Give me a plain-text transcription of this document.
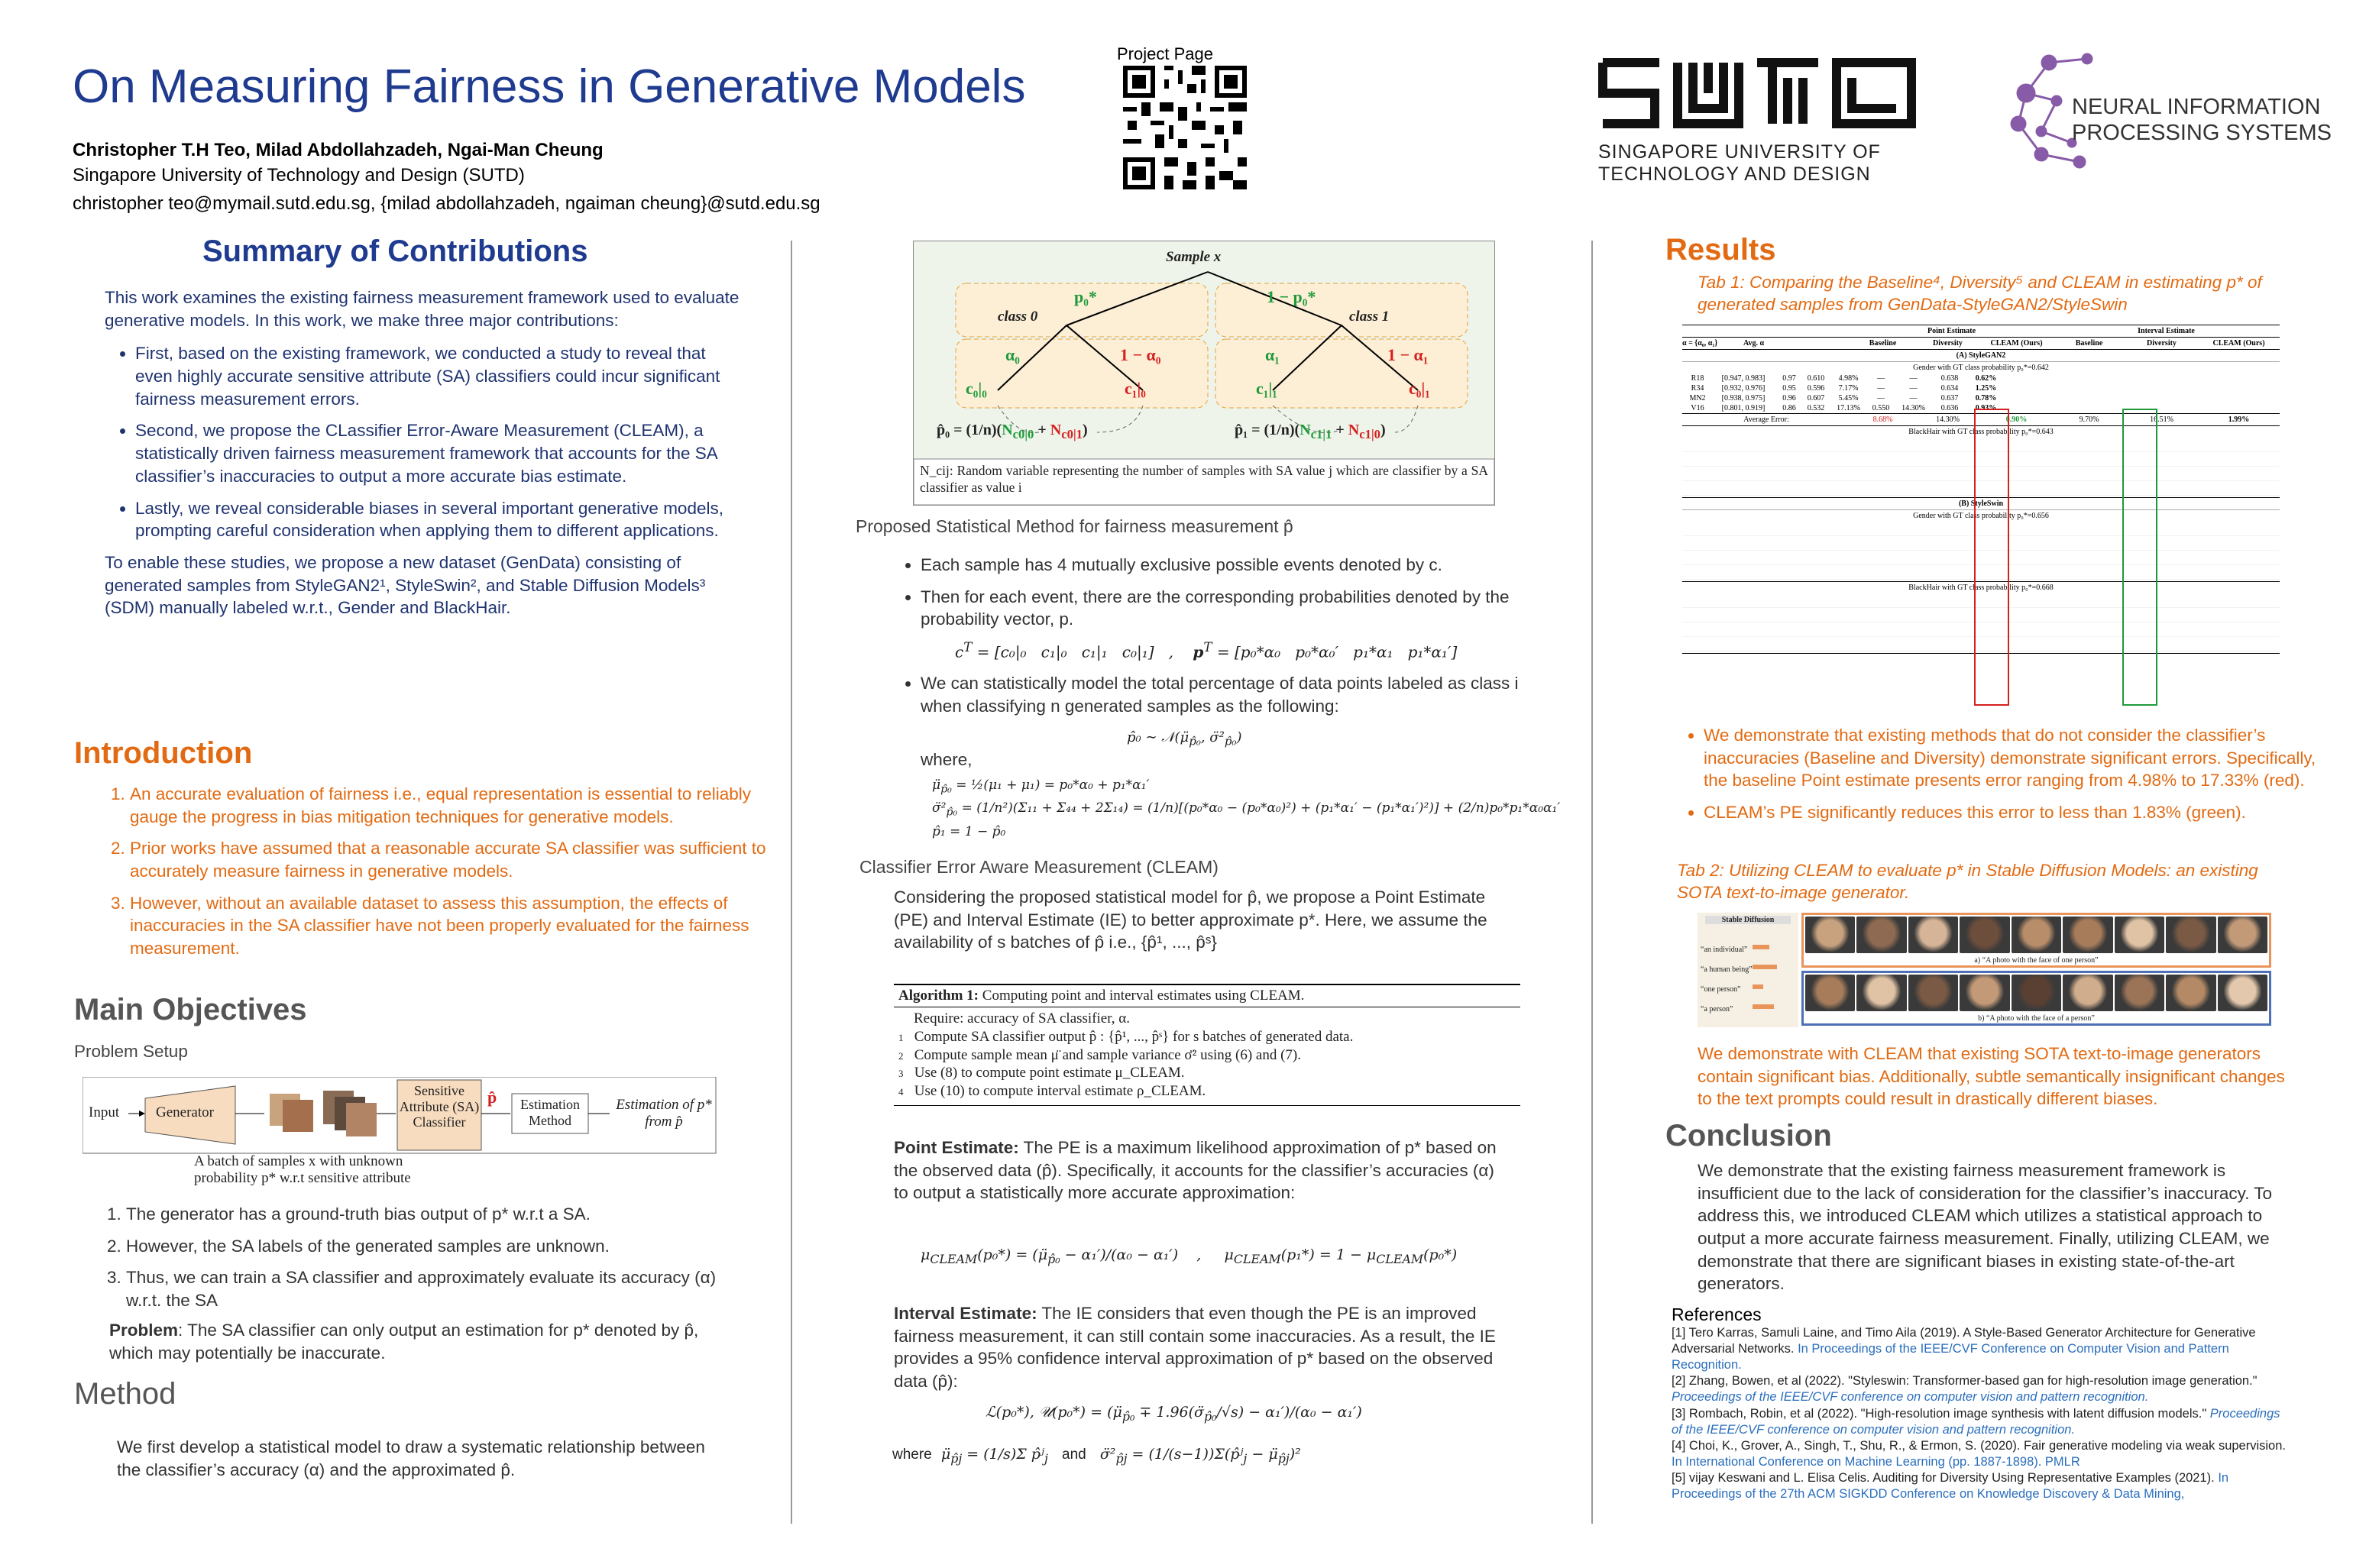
On Measuring Fairness in Generative Models
Christopher T.H Teo, Milad Abdollahzadeh, Ngai-Man Cheung
Singapore University of Technology and Design (SUTD)
christopher teo@mymail.sutd.edu.sg, {milad abdollahzadeh, ngaiman cheung}@sutd.edu.sg
Project Page
SINGAPORE UNIVERSITY OF
TECHNOLOGY AND DESIGN
NEURAL INFORMATION
PROCESSING SYSTEMS
Summary of Contributions
This work examines the existing fairness measurement framework used to evaluate generative models. In this work, we make three major contributions:
• First, based on the existing framework, we conducted a study to reveal that even highly accurate sensitive attribute (SA) classifiers could incur significant fairness measurement errors.
• Second, we propose the CLassifier Error-Aware Measurement (CLEAM), a statistically driven fairness measurement framework that accounts for the SA classifier’s inaccuracies to output a more accurate bias estimate.
• Lastly, we reveal considerable biases in several important generative models, prompting careful consideration when applying them to different applications.
To enable these studies, we propose a new dataset (GenData) consisting of generated samples from StyleGAN2¹, StyleSwin², and Stable Diffusion Models³ (SDM) manually labeled w.r.t., Gender and BlackHair.
Introduction
1. An accurate evaluation of fairness i.e., equal representation is essential to reliably gauge the progress in bias mitigation techniques for generative models.
2. Prior works have assumed that a reasonable accurate SA classifier was sufficient to accurately measure fairness in generative models.
3. However, without an available dataset to assess this assumption, the effects of inaccuracies in the SA classifier have not been properly evaluated for the fairness measurement.
Main Objectives
Problem Setup
Input	Generator
Sensitive Attribute (SA) Classifier
p̂	Estimation Method
Estimation of p* from p̂
A batch of samples x with unknown
probability p* w.r.t sensitive attribute
1. The generator has a ground-truth bias output of p* w.r.t a SA.
2. However, the SA labels of the generated samples are unknown.
3. Thus, we can train a SA classifier and approximately evaluate its accuracy (α) w.r.t. the SA
Problem: The SA classifier can only output an estimation for p* denoted by p̂, which may potentially be inaccurate.
Method
We first develop a statistical model to draw a systematic relationship between the classifier’s accuracy (α) and the approximated p̂.
Sample x
p₀*	1 − p₀*
class 0	class 1
α₀	1 − α₀	α₁	1 − α₁
c₀|₀	c₁|₀	c₁|₁	c₀|₁
p̂₀ = $(1/n)(N_{c0|0} + N_{c0|1})$	p̂₁ = $(1/n)(N_{c1|1} + N_{c1|0})$
N_cij: Random variable representing the number of samples with SA value j which are classifier by a SA classifier as value i
Proposed Statistical Method for fairness measurement p̂
• Each sample has 4 mutually exclusive possible events denoted by c.
• Then for each event, there are the corresponding probabilities denoted by the probability vector, p.
$c^T = [c_0|_0$   c₁|₀   c₁|₁   c₀|₁]   ,    $p^T = [p_0*\alpha_0$   p₀*α₀′   p₁*α₁   p₁*α₁′]
• We can statistically model the total percentage of data points labeled as class i when classifying n generated samples as the following:
p̂₀ ∼ $𝒩(\mü_{p̂_0}$, $\sigmä^2_{p̂_0}$)
where,
$\mü_{p̂_0}$ = ½(μ₁ + μ₁) = p₀*α₀ + p₁*α₁′
$\sigmä^2_{p̂_0} = (1/n^2)(\Sigma_{11} + \Sigma_{44} + 2\Sigma_{14}) = (1/n)[(p_0*\alpha_0 - (p_0*\alpha_0)^2) + (p_1*\alpha_1' - (p_1*\alpha_1')^2)] + (2/n)p_0*p_1*\alpha_0\alpha_1'$
p̂₁ = 1 − p̂₀
Classifier Error Aware Measurement (CLEAM)
Considering the proposed statistical model for p̂, we propose a Point Estimate (PE) and Interval Estimate (IE) to better approximate p*. Here, we assume the availability of s batches of p̂ i.e., {p̂¹, ..., p̂ˢ}
Algorithm 1: Computing point and interval estimates using CLEAM.
Require: accuracy of SA classifier, α.
1 Compute SA classifier output p̂ : {p̂¹, ..., p̂ˢ} for s batches of generated data.
2 Compute sample mean μ̈ and sample variance σ̈² using (6) and (7).
3 Use (8) to compute point estimate μ_CLEAM.
4 Use (10) to compute interval estimate ρ_CLEAM.
Point Estimate: The PE is a maximum likelihood approximation of p* based on the observed data (p̂). Specifically, it accounts for the classifier’s accuracies (α) to output a statistically more accurate approximation:
$\mu_{CLEAM}(p_0*)$ = $(\mü_{p̂_0} - \alpha_1')/(\alpha_0 - \alpha_1')$    ,     $\mu_{CLEAM}(p_1*) = 1 - \mu_{CLEAM}(p_0*)$
Interval Estimate: The IE considers that even though the PE is an improved fairness measurement, it can still contain some inaccuracies. As a result, the IE provides a 95% confidence interval approximation of p* based on the observed data (p̂):
ℒ(p₀*), 𝒰(p₀*) = ($\mü_{p̂_0}$ ∓ $1.96(\sigmä_{p̂_0}/√s) - \alpha_1')/(\alpha_0 - \alpha_1')$
where  $\mü_{p̂j} = (1/s)\Sigma$ p̂ʲ$_j$ and   $\sigmä^2_{p̂j}$ = (1/(s−1))Σ(p̂ʲ$_j$ − $\mü_{p̂j})^2$
Results
Tab 1: Comparing the Baseline⁴, Diversity⁵ and CLEAM in estimating p* of generated samples from GenData-StyleGAN2/StyleSwin
Point Estimate	Interval Estimate
α = {α₀, α₁}	Avg. α	Baseline	Diversity	CLEAM (Ours)	Baseline	Diversity	CLEAM (Ours)
(A) StyleGAN2
Gender with GT class probability p₀*=0.642
R18	[0.947, 0.983]	0.97	0.610	4.98%	—	—	0.638	0.62%
R34	[0.932, 0.976]	0.95	0.596	7.17%	—	—	0.634	1.25%
MN2	[0.938, 0.975]	0.96	0.607	5.45%	—	—	0.637	0.78%
V16	[0.801, 0.919]	0.86	0.532	17.13%	0.550	14.30%	0.636	0.93%
Average Error:	8.68%	14.30%	0.90%	9.70%	16.51%	1.99%
BlackHair with GT class probability p₀*=0.643
(B) StyleSwin
Gender with GT class probability p₀*=0.656
BlackHair with GT class probability p₀*=0.668
• We demonstrate that existing methods that do not consider the classifier’s inaccuracies (Baseline and Diversity) demonstrate significant errors. Specifically, the baseline Point estimate presents error ranging from 4.98% to 17.33% (red).
• CLEAM’s PE significantly reduces this error to less than 1.83% (green).
Tab 2: Utilizing CLEAM to evaluate p* in Stable Diffusion Models: an existing SOTA text-to-image generator.
Stable Diffusion
“an individual”
“a human being”
“one person”
“a person”
a) “A photo with the face of one person”
b) “A photo with the face of a person”
We demonstrate with CLEAM that existing SOTA text-to-image generators contain significant bias. Additionally, subtle semantically insignificant changes to the text prompts could result in drastically different biases.
Conclusion
We demonstrate that the existing fairness measurement framework is insufficient due to the lack of consideration for the classifier’s inaccuracy. To address this, we introduced CLEAM which utilizes a statistical approach to output a more accurate fairness measurement. Finally, utilizing CLEAM, we demonstrate that there are significant biases in existing state-of-the-art generators.
References
[1] Tero Karras, Samuli Laine, and Timo Aila (2019). A Style-Based Generator Architecture for Generative Adversarial Networks. In Proceedings of the IEEE/CVF Conference on Computer Vision and Pattern Recognition.
[2] Zhang, Bowen, et al (2022). "Styleswin: Transformer-based gan for high-resolution image generation." Proceedings of the IEEE/CVF conference on computer vision and pattern recognition.
[3] Rombach, Robin, et al (2022). "High-resolution image synthesis with latent diffusion models." Proceedings of the IEEE/CVF conference on computer vision and pattern recognition.
[4] Choi, K., Grover, A., Singh, T., Shu, R., & Ermon, S. (2020). Fair generative modeling via weak supervision. In International Conference on Machine Learning (pp. 1887-1898). PMLR
[5] vijay Keswani and L. Elisa Celis. Auditing for Diversity Using Representative Examples (2021). In Proceedings of the 27th ACM SIGKDD Conference on Knowledge Discovery & Data Mining,
